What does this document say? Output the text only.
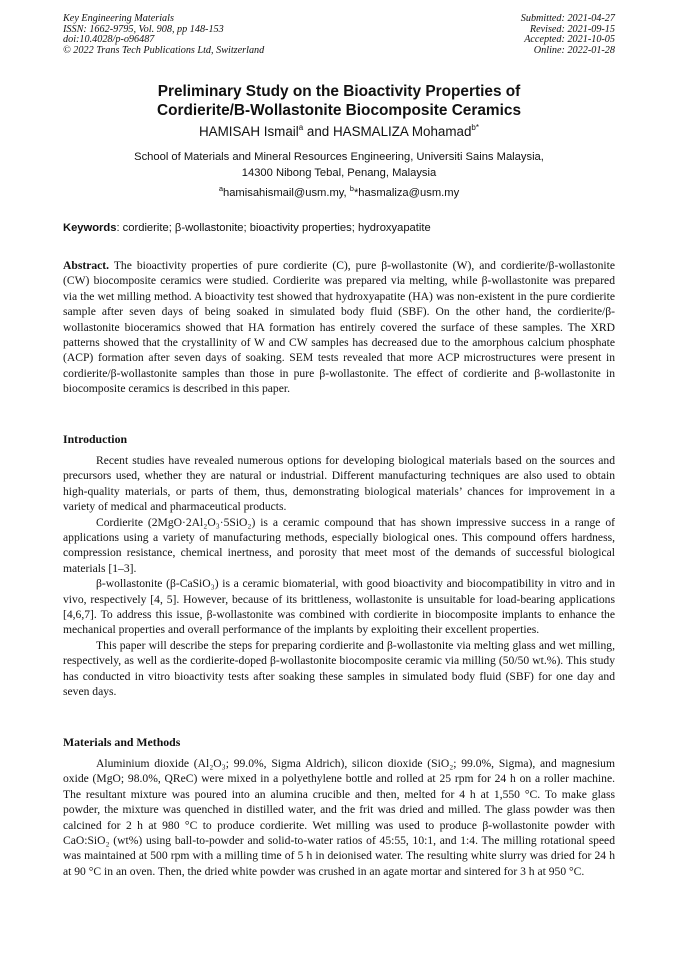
Key Engineering Materials
ISSN: 1662-9795, Vol. 908, pp 148-153
doi:10.4028/p-o96487
© 2022 Trans Tech Publications Ltd, Switzerland
Submitted: 2021-04-27
Revised: 2021-09-15
Accepted: 2021-10-05
Online: 2022-01-28
Preliminary Study on the Bioactivity Properties of
Cordierite/B-Wollastonite Biocomposite Ceramics
HAMISAH Ismail$^a$ and HASMALIZA Mohamad$^{b*}$
School of Materials and Mineral Resources Engineering, Universiti Sains Malaysia,
14300 Nibong Tebal, Penang, Malaysia
$^a$hamisahismail@usm.my, $^b$*hasmaliza@usm.my
Keywords: cordierite; β-wollastonite; bioactivity properties; hydroxyapatite

Abstract. The bioactivity properties of pure cordierite (C), pure β-wollastonite (W), and cordierite/β-wollastonite (CW) biocomposite ceramics were studied. Cordierite was prepared via melting, while β-wollastonite was prepared via the wet milling method. A bioactivity test showed that hydroxyapatite (HA) was non-existent in the pure cordierite sample after seven days of being soaked in simulated body fluid (SBF). On the other hand, the cordierite/β-wollastonite bioceramics showed that HA formation has entirely covered the surface of these samples. The XRD patterns showed that the crystallinity of W and CW samples has decreased due to the amorphous calcium phosphate (ACP) formation after seven days of soaking. SEM tests revealed that more ACP microstructures were present in cordierite/β-wollastonite samples than those in pure β-wollastonite. The effect of cordierite and β-wollastonite in biocomposite ceramics is described in this paper.

Introduction

Recent studies have revealed numerous options for developing biological materials based on the sources and precursors used, whether they are natural or industrial. Different manufacturing techniques are also used to obtain high-quality materials, or parts of them, thus, demonstrating biological materials’ chances for improvement in a variety of medical and pharmaceutical products.

Cordierite (2MgO·2Al₂O₃·5SiO₂) is a ceramic compound that has shown impressive success in a range of applications using a variety of manufacturing methods, especially biological ones. This compound offers hardness, compression resistance, chemical inertness, and porosity that meet most of the demands of successful biological materials [1–3].

β-wollastonite (β-CaSiO₃) is a ceramic biomaterial, with good bioactivity and biocompatibility in vitro and in vivo, respectively [4, 5]. However, because of its brittleness, wollastonite is unsuitable for load-bearing applications [4,6,7]. To address this issue, β-wollastonite was combined with cordierite in biocomposite implants to enhance the mechanical properties and overall performance of the implants by exploiting their excellent properties.

This paper will describe the steps for preparing cordierite and β-wollastonite via melting glass and wet milling, respectively, as well as the cordierite-doped β-wollastonite biocomposite ceramic via milling (50/50 wt.%). This study has conducted in vitro bioactivity tests after soaking these samples in simulated body fluid (SBF) for one day and seven days.

Materials and Methods

Aluminium dioxide (Al₂O₃; 99.0%, Sigma Aldrich), silicon dioxide (SiO₂; 99.0%, Sigma), and magnesium oxide (MgO; 98.0%, QReC) were mixed in a polyethylene bottle and rolled at 25 rpm for 24 h on a roller machine. The resultant mixture was poured into an alumina crucible and then, melted for 4 h at 1,550 °C. To make glass powder, the mixture was quenched in distilled water, and the frit was dried and milled. The glass powder was then calcined for 2 h at 980 °C to produce cordierite. Wet milling was used to produce β-wollastonite powder with CaO:SiO₂ (wt%) using ball-to-powder and solid-to-water ratios of 45:55, 10:1, and 1:4. The milling rotational speed was maintained at 500 rpm with a milling time of 5 h in deionised water. The resulting white slurry was dried for 24 h at 90 °C in an oven. Then, the dried white powder was crushed in an agate mortar and sintered for 3 h at 950 °C.
